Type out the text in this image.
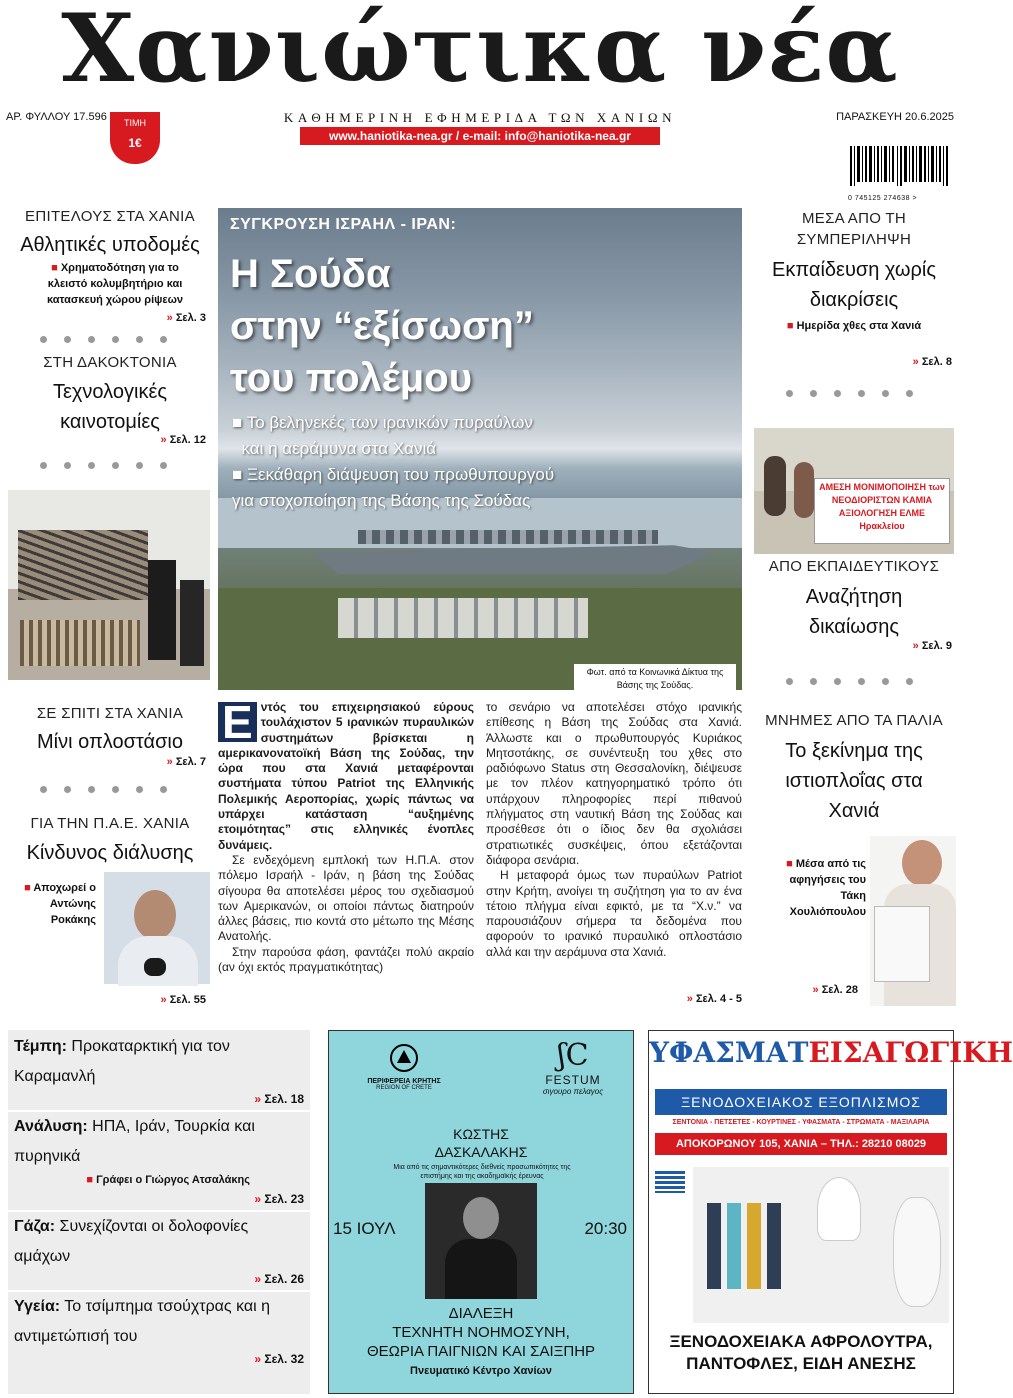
Χανιώτικα νέα
ΑΡ. ΦΥΛΛΟΥ 17.596	ΚΑΘΗΜΕΡΙΝΗ ΕΦΗΜΕΡΙΔΑ ΤΩΝ ΧΑΝΙΩΝ	ΠΑΡΑΣΚΕΥΗ 20.6.2025
www.haniotika-nea.gr / e-mail: info@haniotika-nea.gr
ΤΙΜΗ
1€
0 745125 274638 >
ΕΠΙΤΕΛΟΥΣ ΣΤΑ ΧΑΝΙΑ
Αθλητικές υποδομές
■ Χρηματοδότηση για το κλειστό κολυμβητήριο και κατασκευή χώρου ρίψεων
» Σελ. 3
ΣΤΗ ΔΑΚΟΚΤΟΝΙΑ
Τεχνολογικές καινοτομίες
» Σελ. 12
ΣΕ ΣΠΙΤΙ ΣΤΑ ΧΑΝΙΑ
Μίνι οπλοστάσιο
» Σελ. 7
ΓΙΑ ΤΗΝ Π.Α.Ε. ΧΑΝΙΑ
Κίνδυνος διάλυσης
■ Αποχωρεί ο Αντώνης Ροκάκης
» Σελ. 55
ΣΥΓΚΡΟΥΣΗ ΙΣΡΑΗΛ - ΙΡΑΝ:
Η Σούδα
στην “εξίσωση”
του πολέμου
■ Το βεληνεκές των ιρανικών πυραύλων
και η αεράμυνα στα Χανιά
■ Ξεκάθαρη διάψευση του πρωθυπουργού
για στοχοποίηση της Βάσης της Σούδας
Φωτ. από τα Κοινωνικά Δίκτυα της Βάσης της Σούδας.
Ε ντός του επιχειρησιακού εύρους τουλάχιστον 5 ιρανικών πυραυλικών συστημάτων βρίσκεται η αμερικανονατοϊκή Βάση της Σούδας, την ώρα που στα Χανιά μεταφέρονται συστήματα τύπου Patriot της Ελληνικής Πολεμικής Αεροπορίας, χωρίς πάντως να υπάρχει κατάσταση “αυξημένης ετοιμότητας” στις ελληνικές ένοπλες δυνάμεις.
Σε ενδεχόμενη εμπλοκή των Η.Π.Α. στον πόλεμο Ισραήλ - Ιράν, η βάση της Σούδας σίγουρα θα αποτελέσει μέρος του σχεδιασμού των Αμερικανών, οι οποίοι πάντως διατηρούν άλλες βάσεις, πιο κοντά στο μέτωπο της Μέσης Ανατολής.
Στην παρούσα φάση, φαντάζει πολύ ακραίο (αν όχι εκτός πραγματικότητας)
το σενάριο να αποτελέσει στόχο ιρανικής επίθεσης η Βάση της Σούδας στα Χανιά. Άλλωστε και ο πρωθυπουργός Κυριάκος Μητσοτάκης, σε συνέντευξη του χθες στο ραδιόφωνο Status στη Θεσσαλονίκη, διέψευσε με τον πλέον κατηγορηματικό τρόπο ότι υπάρχουν πληροφορίες περί πιθανού πλήγματος στη ναυτική Βάση της Σούδας και προσέθεσε ότι ο ίδιος δεν θα σχολιάσει στρατιωτικές συσκέψεις, όπου εξετάζονται διάφορα σενάρια.
Η μεταφορά όμως των πυραύλων Patriot στην Κρήτη, ανοίγει τη συζήτηση για το αν ένα τέτοιο πλήγμα είναι εφικτό, με τα “Χ.ν.” να παρουσιάζουν σήμερα τα δεδομένα που αφορούν το ιρανικό πυραυλικό οπλοστάσιο αλλά και την αεράμυνα στα Χανιά.
» Σελ. 4 - 5
ΜΕΣΑ ΑΠΟ ΤΗ ΣΥΜΠΕΡΙΛΗΨΗ
Εκπαίδευση χωρίς διακρίσεις
■ Ημερίδα χθες στα Χανιά
» Σελ. 8
ΑΜΕΣΗ ΜΟΝΙΜΟΠΟΙΗΣΗ των ΝΕΟΔΙΟΡΙΣΤΩΝ ΚΑΜΙΑ ΑΞΙΟΛΟΓΗΣΗ ΕΛΜΕ Ηρακλείου
ΑΠΟ ΕΚΠΑΙΔΕΥΤΙΚΟΥΣ
Αναζήτηση δικαίωσης
» Σελ. 9
ΜΝΗΜΕΣ ΑΠΟ ΤΑ ΠΑΛΙΑ
Το ξεκίνημα της ιστιοπλοΐας στα Χανιά
■ Μέσα από τις αφηγήσεις του Τάκη Χουλιόπουλου
» Σελ. 28
Τέμπη: Προκαταρκτική για τον Καραμανλή
» Σελ. 18
Ανάλυση: ΗΠΑ, Ιράν, Τουρκία και πυρηνικά
■ Γράφει ο Γιώργος Ατσαλάκης
» Σελ. 23
Γάζα: Συνεχίζονται οι δολοφονίες αμάχων
» Σελ. 26
Υγεία: Το τσίμπημα τσούχτρας και η αντιμετώπισή του
» Σελ. 32
ΠΕΡΙΦΕΡΕΙΑ ΚΡΗΤΗΣ
REGION OF CRETE
ʃC
FESTUM
σιγουρο πελαγος
ΚΩΣΤΗΣ
ΔΑΣΚΑΛΑΚΗΣ
Μια από τις σημαντικότερες διεθνείς προσωπικότητες της επιστήμης και της ακαδημαϊκής έρευνας
15 ΙΟΥΛ	20:30
ΔΙΑΛΕΞΗ
ΤΕΧΝΗΤΗ ΝΟΗΜΟΣΥΝΗ,
ΘΕΩΡΙΑ ΠΑΙΓΝΙΩΝ ΚΑΙ ΣΑΙΞΠΗΡ
Πνευματικό Κέντρο Χανίων
ΥΦΑΣΜΑΤΕΙΣΑΓΩΓΙΚΗ
ΞΕΝΟΔΟΧΕΙΑΚΟΣ ΕΞΟΠΛΙΣΜΟΣ
ΣΕΝΤΟΝΙΑ - ΠΕΤΣΕΤΕΣ - ΚΟΥΡΤΙΝΕΣ - ΥΦΑΣΜΑΤΑ - ΣΤΡΩΜΑΤΑ - ΜΑΞΙΛΑΡΙΑ
ΑΠΟΚΟΡΩΝΟΥ 105, ΧΑΝΙΑ – ΤΗΛ.: 28210 08029
ΞΕΝΟΔΟΧΕΙΑΚΑ ΑΦΡΟΛΟΥΤΡΑ,
ΠΑΝΤΟΦΛΕΣ, ΕΙΔΗ ΑΝΕΣΗΣ
